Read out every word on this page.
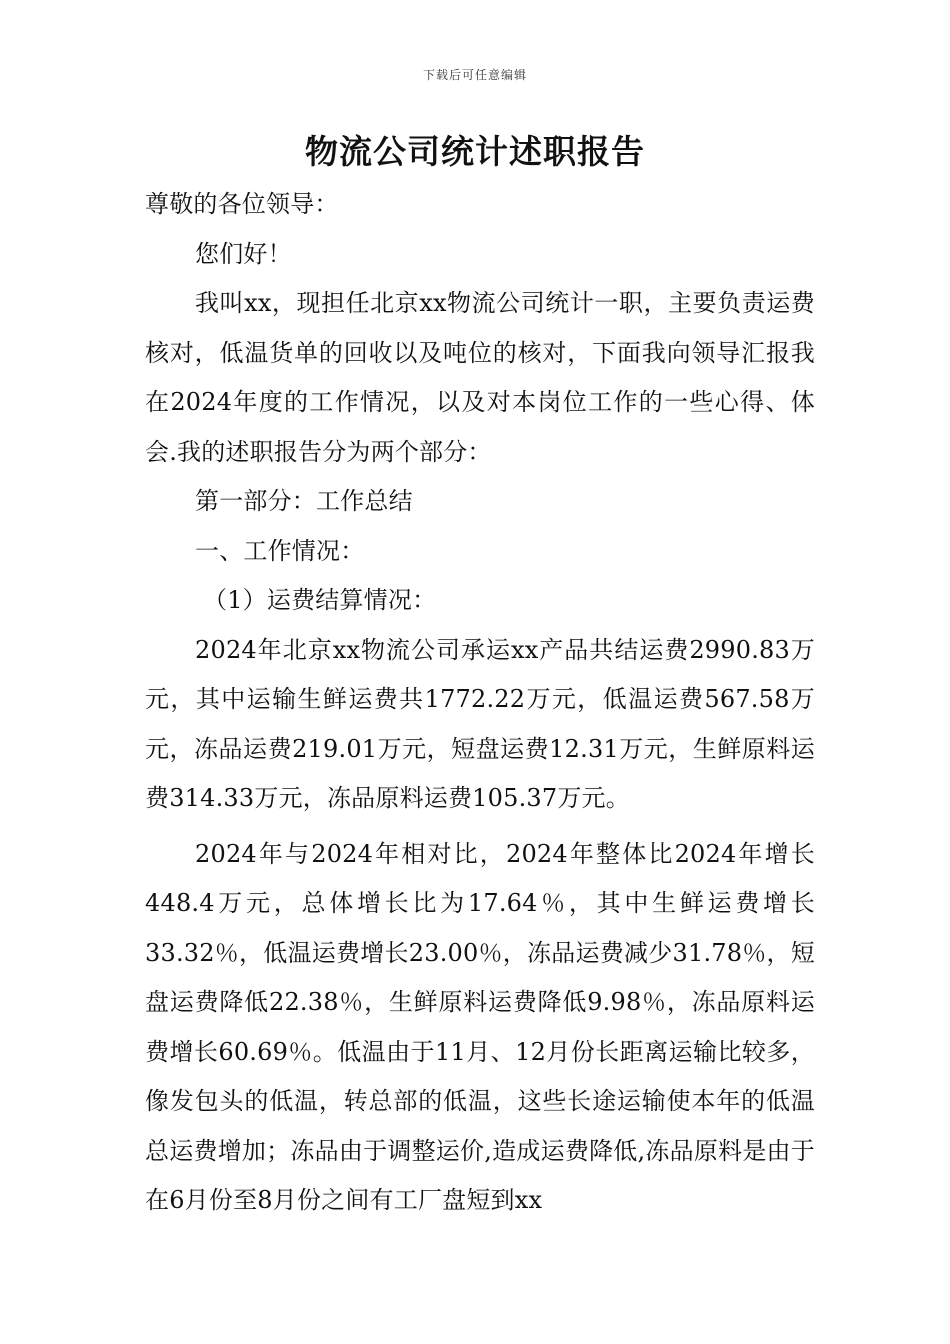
下载后可任意编辑
物流公司统计述职报告

尊敬的各位领导：

您们好！

我叫xx，现担任北京xx物流公司统计一职，主要负责运费核对，低温货单的回收以及吨位的核对，下面我向领导汇报我在2024年度的工作情况，以及对本岗位工作的一些心得、体会.我的述职报告分为两个部分：

第一部分：工作总结

一、工作情况：

（1）运费结算情况：

2024年北京xx物流公司承运xx产品共结运费2990.83万元，其中运输生鲜运费共1772.22万元，低温运费567.58万元，冻品运费219.01万元，短盘运费12.31万元，生鲜原料运费314.33万元，冻品原料运费105.37万元。

2024年与2024年相对比，2024年整体比2024年增长448.4万元，总体增长比为17.64％，其中生鲜运费增长33.32％，低温运费增长23.00％，冻品运费减少31.78％，短盘运费降低22.38％，生鲜原料运费降低9.98％，冻品原料运费增长60.69％。低温由于11月、12月份长距离运输比较多，像发包头的低温，转总部的低温，这些长途运输使本年的低温总运费增加；冻品由于调整运价,造成运费降低,冻品原料是由于在6月份至8月份之间有工厂盘短到xx
